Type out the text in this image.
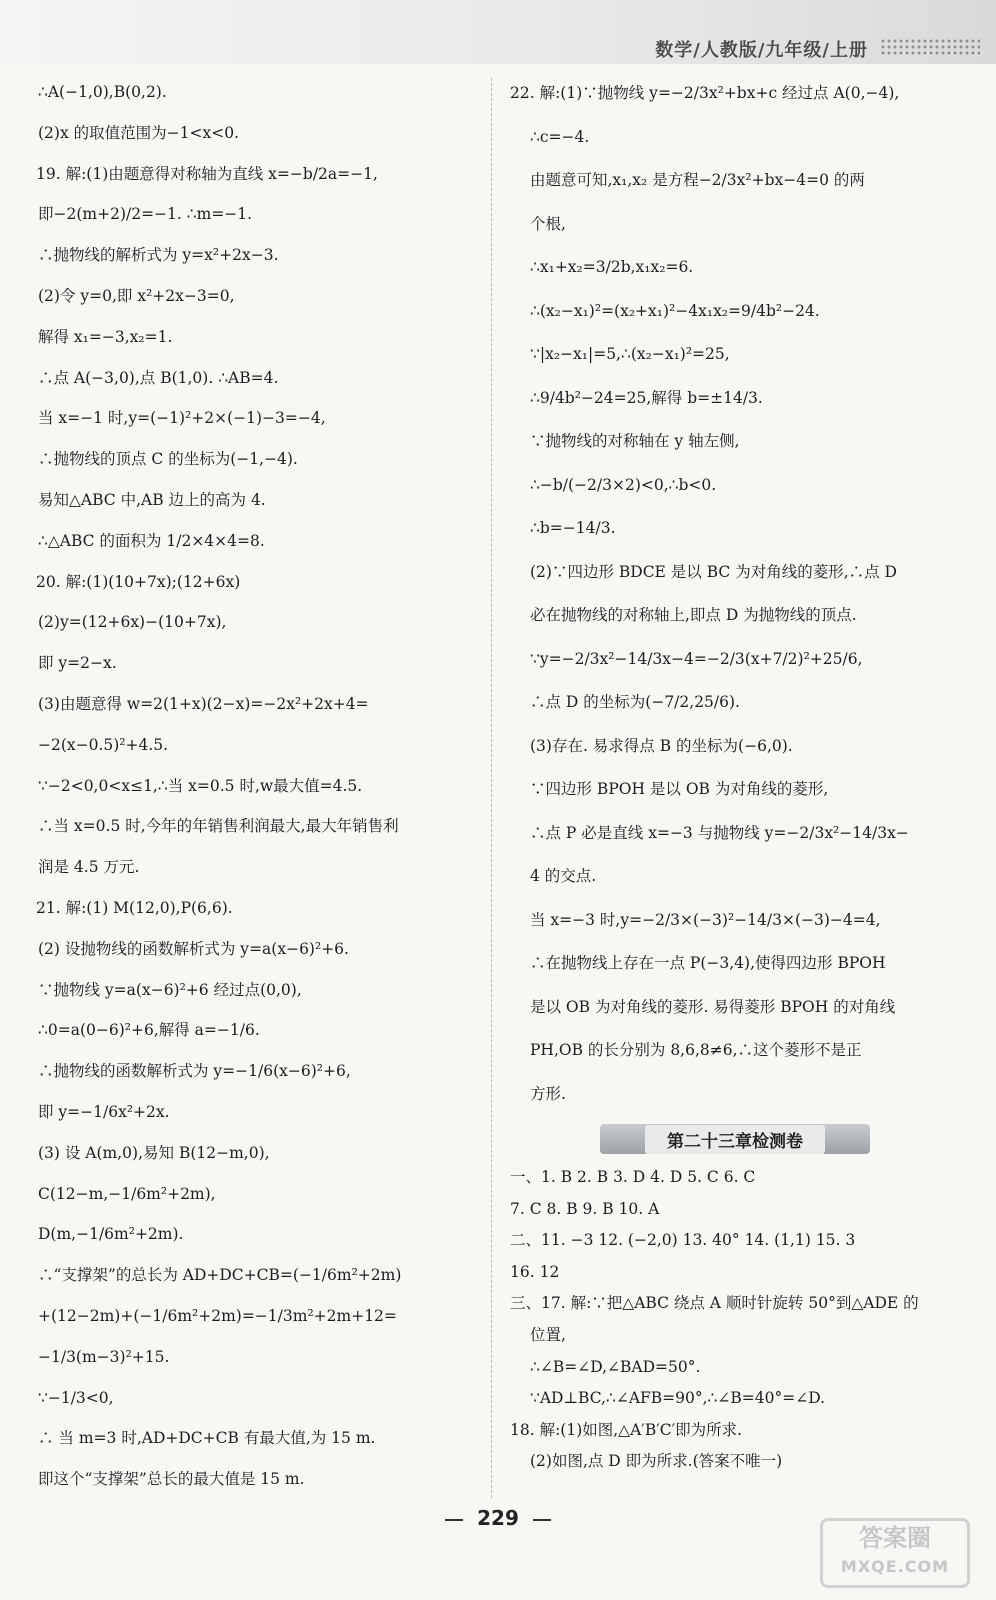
数学/人教版/九年级/上册

∴A(−1,0),B(0,2).

(2)x 的取值范围为−1<x<0.

19. 解:(1)由题意得对称轴为直线 x=−b/2a=−1,

即−2(m+2)/2=−1. ∴m=−1.

∴抛物线的解析式为 y=x²+2x−3.

(2)令 y=0,即 x²+2x−3=0,

解得 x₁=−3,x₂=1.

∴点 A(−3,0),点 B(1,0). ∴AB=4.

当 x=−1 时,y=(−1)²+2×(−1)−3=−4,

∴抛物线的顶点 C 的坐标为(−1,−4).

易知△ABC 中,AB 边上的高为 4.

∴△ABC 的面积为 1/2×4×4=8.

20. 解:(1)(10+7x);(12+6x)

(2)y=(12+6x)−(10+7x),

即 y=2−x.

(3)由题意得 w=2(1+x)(2−x)=−2x²+2x+4=

−2(x−0.5)²+4.5.

∵−2<0,0<x≤1,∴当 x=0.5 时,w最大值=4.5.

∴当 x=0.5 时,今年的年销售利润最大,最大年销售利

润是 4.5 万元.

21. 解:(1) M(12,0),P(6,6).

(2) 设抛物线的函数解析式为 y=a(x−6)²+6.

∵抛物线 y=a(x−6)²+6 经过点(0,0),

∴0=a(0−6)²+6,解得 a=−1/6.

∴抛物线的函数解析式为 y=−1/6(x−6)²+6,

即 y=−1/6x²+2x.

(3) 设 A(m,0),易知 B(12−m,0),

C(12−m,−1/6m²+2m),

D(m,−1/6m²+2m).

∴“支撑架”的总长为 AD+DC+CB=(−1/6m²+2m)

+(12−2m)+(−1/6m²+2m)=−1/3m²+2m+12=

−1/3(m−3)²+15.

∵−1/3<0,

∴ 当 m=3 时,AD+DC+CB 有最大值,为 15 m.

即这个“支撑架”总长的最大值是 15 m.

22. 解:(1)∵抛物线 y=−2/3x²+bx+c 经过点 A(0,−4),

∴c=−4.

由题意可知,x₁,x₂ 是方程−2/3x²+bx−4=0 的两

个根,

∴x₁+x₂=3/2b,x₁x₂=6.

∴(x₂−x₁)²=(x₂+x₁)²−4x₁x₂=9/4b²−24.

∵|x₂−x₁|=5,∴(x₂−x₁)²=25,

∴9/4b²−24=25,解得 b=±14/3.

∵抛物线的对称轴在 y 轴左侧,

∴−b/(−2/3×2)<0,∴b<0.

∴b=−14/3.

(2)∵四边形 BDCE 是以 BC 为对角线的菱形,∴点 D

必在抛物线的对称轴上,即点 D 为抛物线的顶点.

∵y=−2/3x²−14/3x−4=−2/3(x+7/2)²+25/6,

∴点 D 的坐标为(−7/2,25/6).

(3)存在. 易求得点 B 的坐标为(−6,0).

∵四边形 BPOH 是以 OB 为对角线的菱形,

∴点 P 必是直线 x=−3 与抛物线 y=−2/3x²−14/3x−

4 的交点.

当 x=−3 时,y=−2/3×(−3)²−14/3×(−3)−4=4,

∴在抛物线上存在一点 P(−3,4),使得四边形 BPOH

是以 OB 为对角线的菱形. 易得菱形 BPOH 的对角线

PH,OB 的长分别为 8,6,8≠6,∴这个菱形不是正

方形.

第二十三章检测卷

一、1. B 2. B 3. D 4. D 5. C 6. C

7. C 8. B 9. B 10. A

二、11. −3 12. (−2,0) 13. 40° 14. (1,1) 15. 3

16. 12

三、17. 解:∵把△ABC 绕点 A 顺时针旋转 50°到△ADE 的

位置,

∴∠B=∠D,∠BAD=50°.

∵AD⊥BC,∴∠AFB=90°,∴∠B=40°=∠D.

18. 解:(1)如图,△A′B′C′即为所求.

(2)如图,点 D 即为所求.(答案不唯一)

229
答案圈
MXQE.COM
